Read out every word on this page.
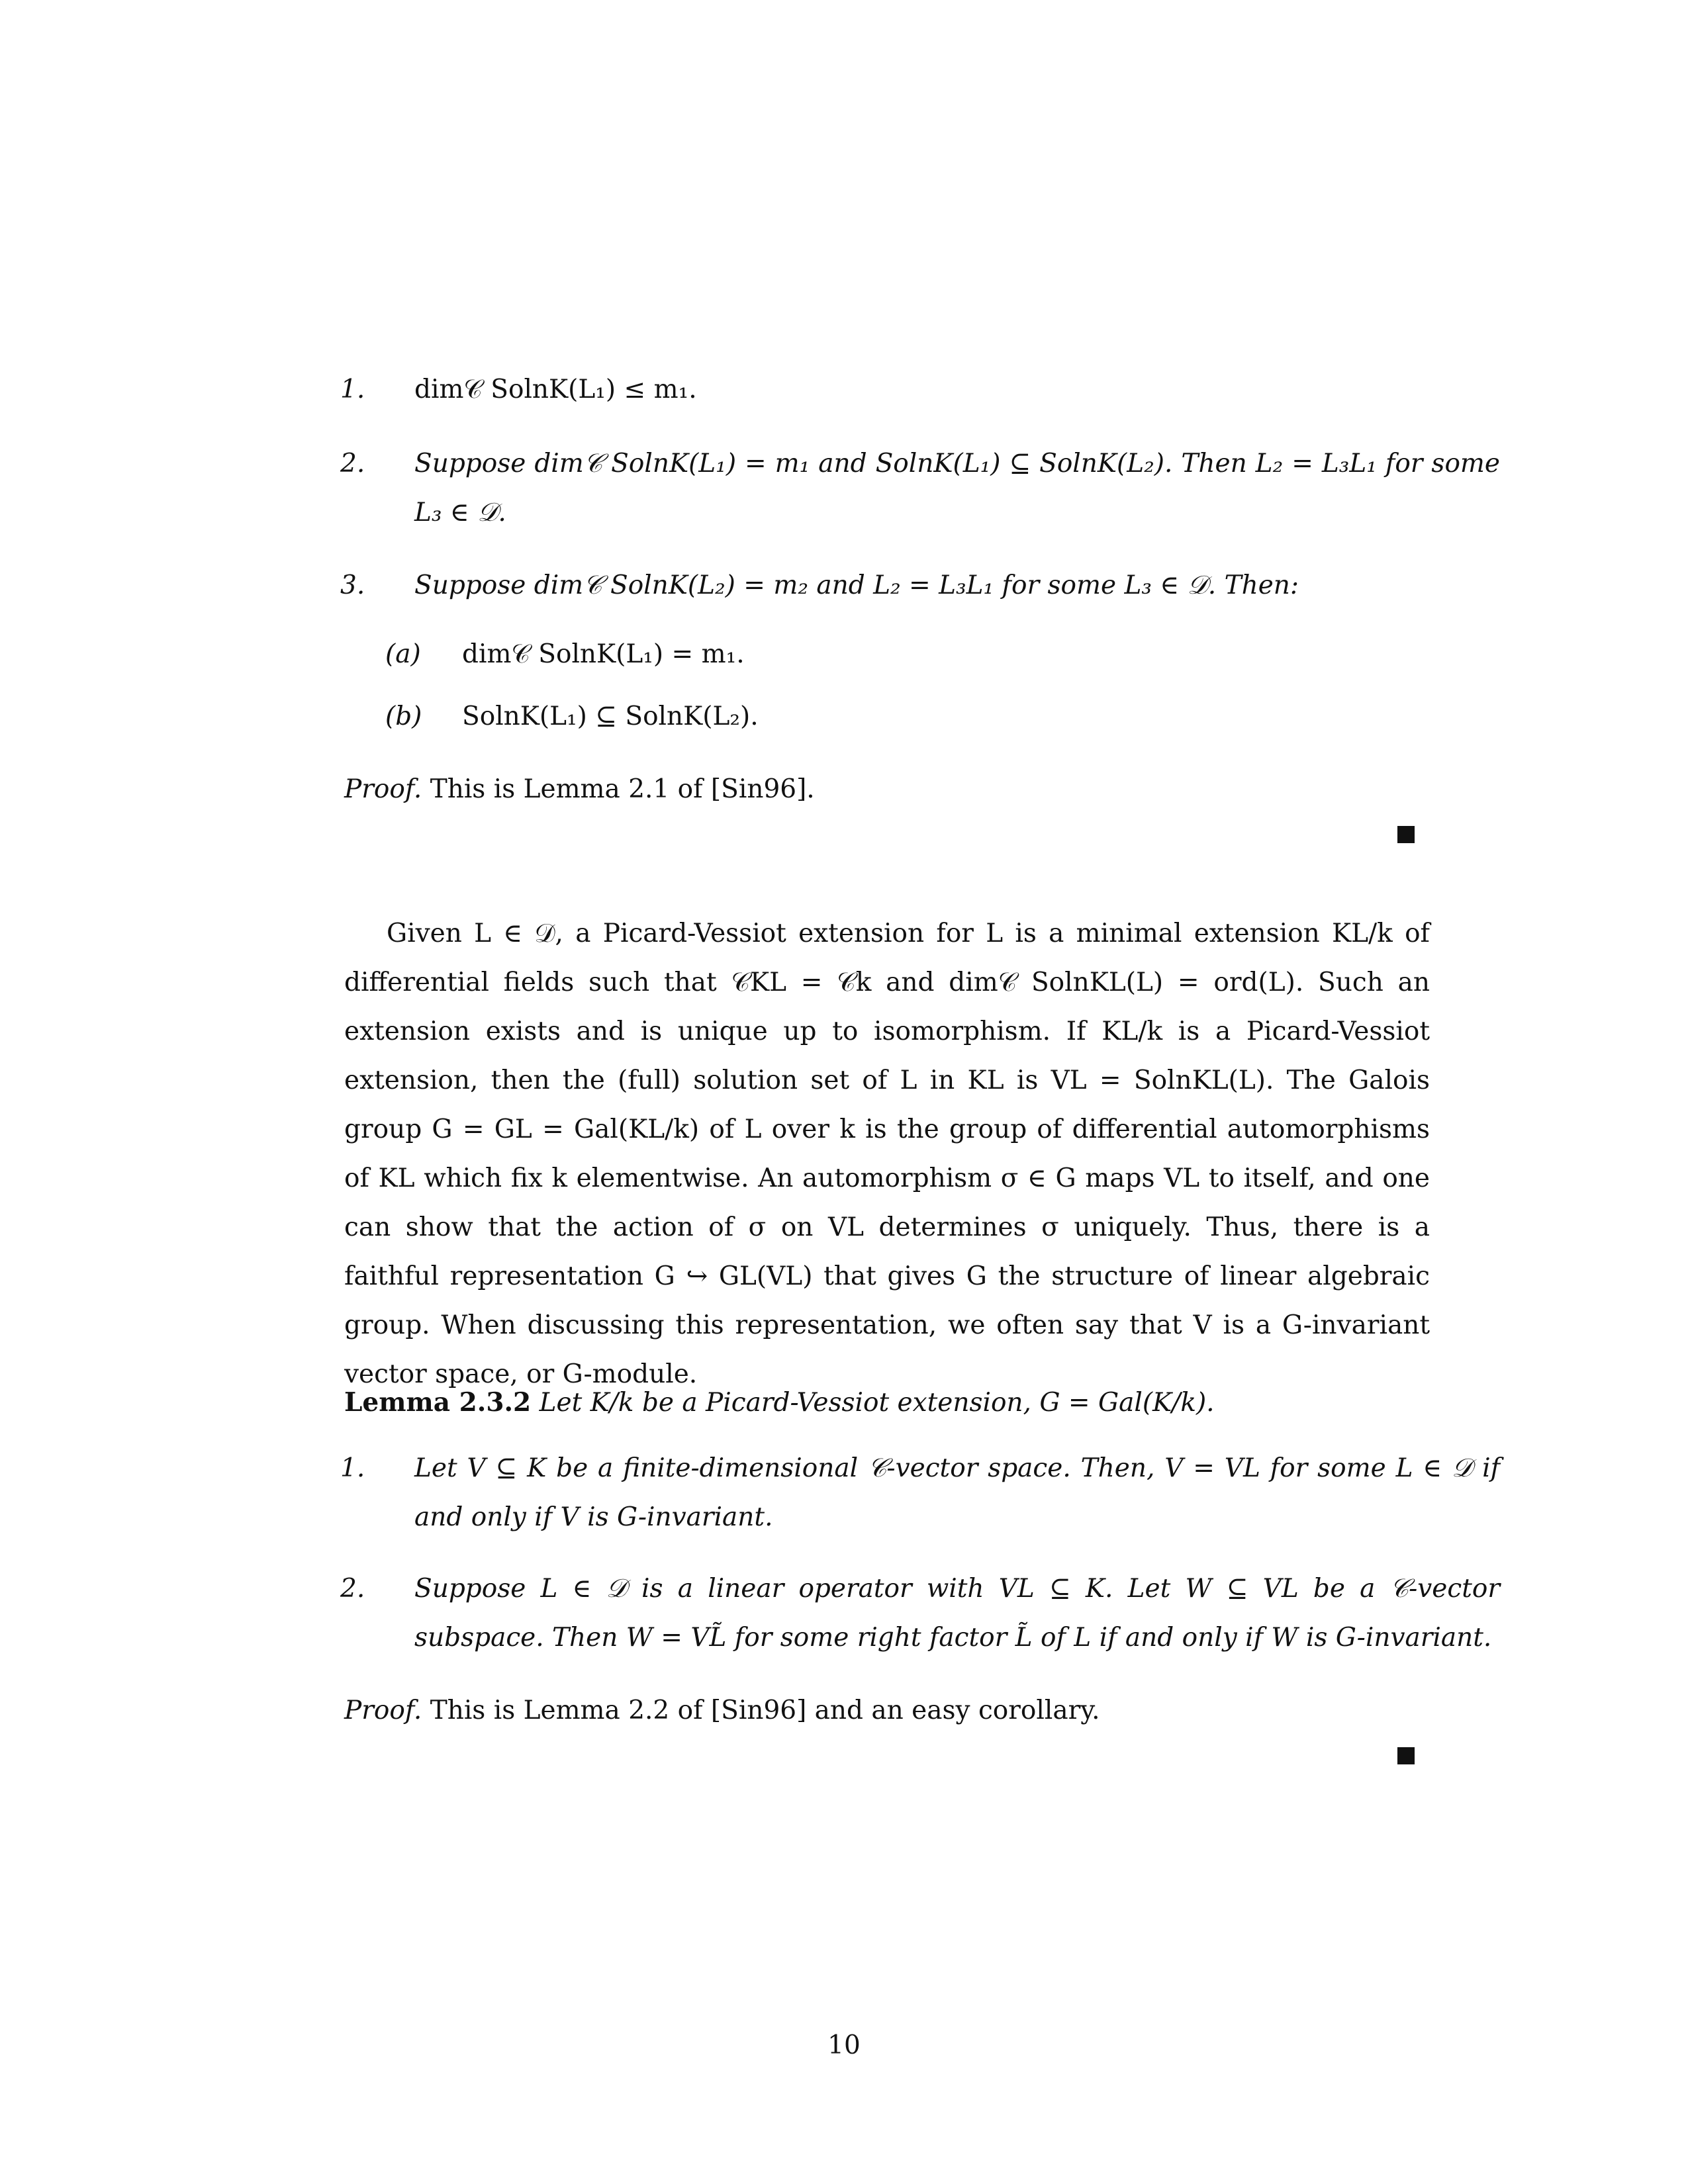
1. dim𝒞 SolnK(L₁) ≤ m₁.
2. Suppose dim𝒞 SolnK(L₁) = m₁ and SolnK(L₁) ⊆ SolnK(L₂). Then L₂ = L₃L₁ for some L₃ ∈ 𝒟.
3. Suppose dim𝒞 SolnK(L₂) = m₂ and L₂ = L₃L₁ for some L₃ ∈ 𝒟. Then:
(a) dim𝒞 SolnK(L₁) = m₁.
(b) SolnK(L₁) ⊆ SolnK(L₂).
Proof. This is Lemma 2.1 of [Sin96].
Given L ∈ 𝒟, a Picard-Vessiot extension for L is a minimal extension KL/k of differential fields such that 𝒞KL = 𝒞k and dim𝒞 SolnKL(L) = ord(L). Such an extension exists and is unique up to isomorphism. If KL/k is a Picard-Vessiot extension, then the (full) solution set of L in KL is VL = SolnKL(L). The Galois group G = GL = Gal(KL/k) of L over k is the group of differential automorphisms of KL which fix k elementwise. An automorphism σ ∈ G maps VL to itself, and one can show that the action of σ on VL determines σ uniquely. Thus, there is a faithful representation G ↪ GL(VL) that gives G the structure of linear algebraic group. When discussing this representation, we often say that V is a G-invariant vector space, or G-module.
Lemma 2.3.2 Let K/k be a Picard-Vessiot extension, G = Gal(K/k).
1. Let V ⊆ K be a finite-dimensional 𝒞-vector space. Then, V = VL for some L ∈ 𝒟 if and only if V is G-invariant.
2. Suppose L ∈ 𝒟 is a linear operator with VL ⊆ K. Let W ⊆ VL be a 𝒞-vector subspace. Then W = VL̃ for some right factor L̃ of L if and only if W is G-invariant.
Proof. This is Lemma 2.2 of [Sin96] and an easy corollary.
10
